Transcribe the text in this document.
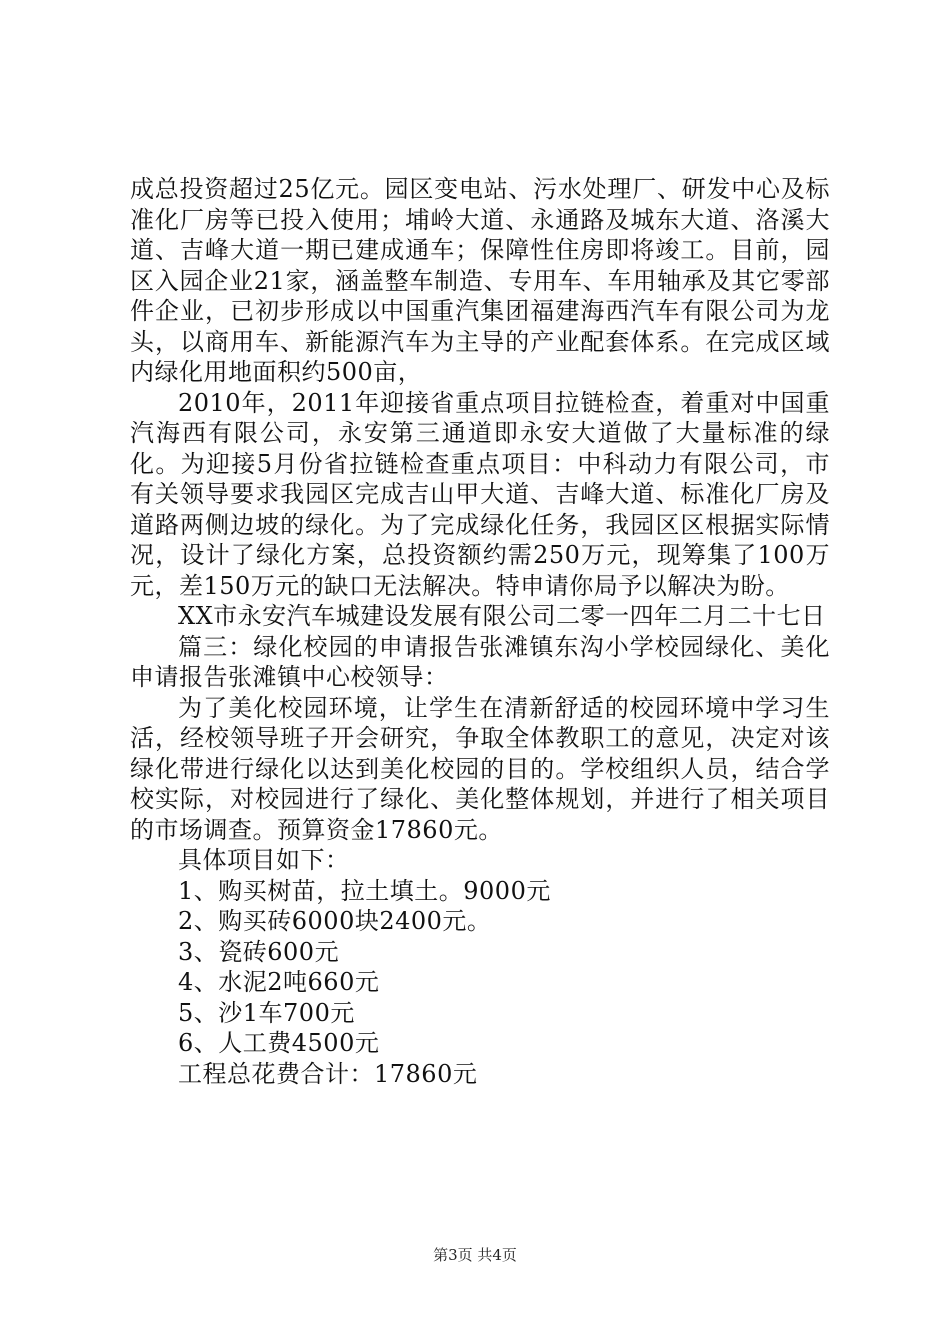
成总投资超过25亿元。园区变电站、污水处理厂、研发中心及标准化厂房等已投入使用；埔岭大道、永通路及城东大道、洛溪大道、吉峰大道一期已建成通车；保障性住房即将竣工。目前，园区入园企业21家，涵盖整车制造、专用车、车用轴承及其它零部件企业，已初步形成以中国重汽集团福建海西汽车有限公司为龙头，以商用车、新能源汽车为主导的产业配套体系。在完成区域内绿化用地面积约500亩，

2010年，2011年迎接省重点项目拉链检查，着重对中国重汽海西有限公司，永安第三通道即永安大道做了大量标准的绿化。为迎接5月份省拉链检查重点项目：中科动力有限公司，市有关领导要求我园区完成吉山甲大道、吉峰大道、标准化厂房及道路两侧边坡的绿化。为了完成绿化任务，我园区区根据实际情况，设计了绿化方案，总投资额约需250万元，现筹集了100万元，差150万元的缺口无法解决。特申请你局予以解决为盼。

XX市永安汽车城建设发展有限公司二零一四年二月二十七日

篇三：绿化校园的申请报告张滩镇东沟小学校园绿化、美化申请报告张滩镇中心校领导：

为了美化校园环境，让学生在清新舒适的校园环境中学习生活，经校领导班子开会研究，争取全体教职工的意见，决定对该绿化带进行绿化以达到美化校园的目的。学校组织人员，结合学校实际，对校园进行了绿化、美化整体规划，并进行了相关项目的市场调查。预算资金17860元。

具体项目如下：

1、购买树苗，拉土填土。9000元

2、购买砖6000块2400元。

3、瓷砖600元

4、水泥2吨660元

5、沙1车700元

6、人工费4500元

工程总花费合计：17860元

第3页 共4页
